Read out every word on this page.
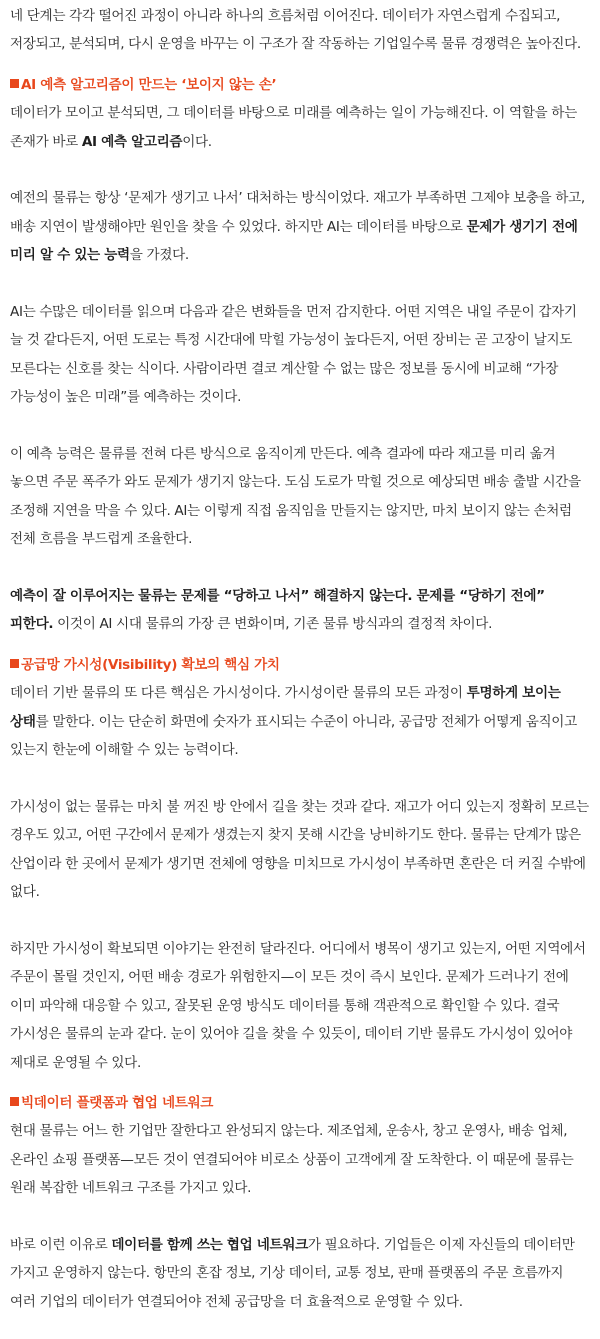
네 단계는 각각 떨어진 과정이 아니라 하나의 흐름처럼 이어진다. 데이터가 자연스럽게 수집되고, 저장되고, 분석되며, 다시 운영을 바꾸는 이 구조가 잘 작동하는 기업일수록 물류 경쟁력은 높아진다.

AI 예측 알고리즘이 만드는 ‘보이지 않는 손’

데이터가 모이고 분석되면, 그 데이터를 바탕으로 미래를 예측하는 일이 가능해진다. 이 역할을 하는 존재가 바로 AI 예측 알고리즘이다.

예전의 물류는 항상 ‘문제가 생기고 나서’ 대처하는 방식이었다. 재고가 부족하면 그제야 보충을 하고, 배송 지연이 발생해야만 원인을 찾을 수 있었다. 하지만 AI는 데이터를 바탕으로 문제가 생기기 전에 미리 알 수 있는 능력을 가졌다.

AI는 수많은 데이터를 읽으며 다음과 같은 변화들을 먼저 감지한다. 어떤 지역은 내일 주문이 갑자기 늘 것 같다든지, 어떤 도로는 특정 시간대에 막힐 가능성이 높다든지, 어떤 장비는 곧 고장이 날지도 모른다는 신호를 찾는 식이다. 사람이라면 결코 계산할 수 없는 많은 정보를 동시에 비교해 “가장 가능성이 높은 미래”를 예측하는 것이다.

이 예측 능력은 물류를 전혀 다른 방식으로 움직이게 만든다. 예측 결과에 따라 재고를 미리 옮겨 놓으면 주문 폭주가 와도 문제가 생기지 않는다. 도심 도로가 막힐 것으로 예상되면 배송 출발 시간을 조정해 지연을 막을 수 있다. AI는 이렇게 직접 움직임을 만들지는 않지만, 마치 보이지 않는 손처럼 전체 흐름을 부드럽게 조율한다.

예측이 잘 이루어지는 물류는 문제를 “당하고 나서” 해결하지 않는다. 문제를 “당하기 전에” 피한다. 이것이 AI 시대 물류의 가장 큰 변화이며, 기존 물류 방식과의 결정적 차이다.

공급망 가시성(Visibility) 확보의 핵심 가치

데이터 기반 물류의 또 다른 핵심은 가시성이다. 가시성이란 물류의 모든 과정이 투명하게 보이는 상태를 말한다. 이는 단순히 화면에 숫자가 표시되는 수준이 아니라, 공급망 전체가 어떻게 움직이고 있는지 한눈에 이해할 수 있는 능력이다.

가시성이 없는 물류는 마치 불 꺼진 방 안에서 길을 찾는 것과 같다. 재고가 어디 있는지 정확히 모르는 경우도 있고, 어떤 구간에서 문제가 생겼는지 찾지 못해 시간을 낭비하기도 한다. 물류는 단계가 많은 산업이라 한 곳에서 문제가 생기면 전체에 영향을 미치므로 가시성이 부족하면 혼란은 더 커질 수밖에 없다.

하지만 가시성이 확보되면 이야기는 완전히 달라진다. 어디에서 병목이 생기고 있는지, 어떤 지역에서 주문이 몰릴 것인지, 어떤 배송 경로가 위험한지—이 모든 것이 즉시 보인다. 문제가 드러나기 전에 이미 파악해 대응할 수 있고, 잘못된 운영 방식도 데이터를 통해 객관적으로 확인할 수 있다. 결국 가시성은 물류의 눈과 같다. 눈이 있어야 길을 찾을 수 있듯이, 데이터 기반 물류도 가시성이 있어야 제대로 운영될 수 있다.

빅데이터 플랫폼과 협업 네트워크

현대 물류는 어느 한 기업만 잘한다고 완성되지 않는다. 제조업체, 운송사, 창고 운영사, 배송 업체, 온라인 쇼핑 플랫폼—모든 것이 연결되어야 비로소 상품이 고객에게 잘 도착한다. 이 때문에 물류는 원래 복잡한 네트워크 구조를 가지고 있다.

바로 이런 이유로 데이터를 함께 쓰는 협업 네트워크가 필요하다. 기업들은 이제 자신들의 데이터만 가지고 운영하지 않는다. 항만의 혼잡 정보, 기상 데이터, 교통 정보, 판매 플랫폼의 주문 흐름까지 여러 기업의 데이터가 연결되어야 전체 공급망을 더 효율적으로 운영할 수 있다.
